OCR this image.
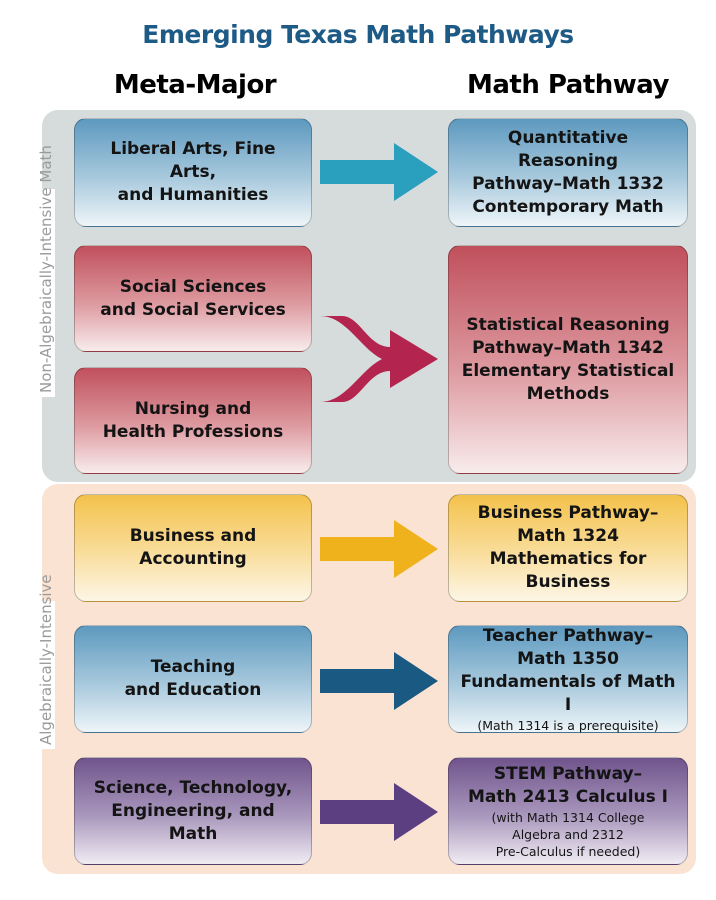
Emerging Texas Math Pathways
Meta-Major	Math Pathway
Non-Algebraically-Intensive Math
Algebraically-Intensive
Liberal Arts, Fine Arts,
and Humanities
Social Sciences
and Social Services
Nursing and
Health Professions
Business and
Accounting
Teaching
and Education
Science, Technology,
Engineering, and Math
Quantitative Reasoning
Pathway–Math 1332
Contemporary Math
Statistical Reasoning
Pathway–Math 1342
Elementary Statistical
Methods
Business Pathway–
Math 1324
Mathematics for
Business
Teacher Pathway–
Math 1350
Fundamentals of Math I
(Math 1314 is a prerequisite)
STEM Pathway–
Math 2413 Calculus I
(with Math 1314 College
Algebra and 2312
Pre-Calculus if needed)
